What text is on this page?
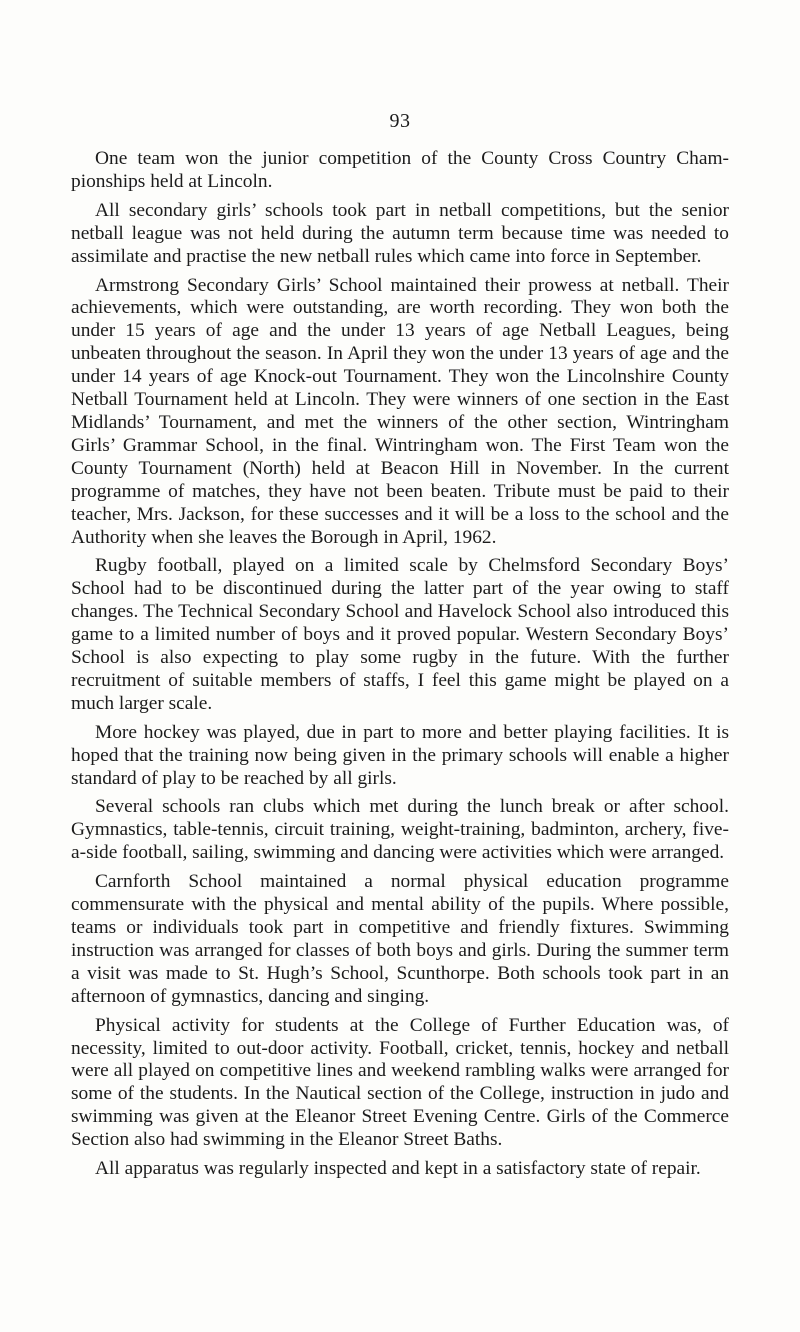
93

One team won the junior competition of the County Cross Country Championships held at Lincoln.

All secondary girls’ schools took part in netball competitions, but the senior netball league was not held during the autumn term because time was needed to assimilate and practise the new netball rules which came into force in September.

Armstrong Secondary Girls’ School maintained their prowess at netball. Their achievements, which were outstanding, are worth recording. They won both the under 15 years of age and the under 13 years of age Netball Leagues, being unbeaten throughout the season. In April they won the under 13 years of age and the under 14 years of age Knock-out Tournament. They won the Lincolnshire County Netball Tournament held at Lincoln. They were winners of one section in the East Midlands’ Tournament, and met the winners of the other section, Wintringham Girls’ Grammar School, in the final. Wintringham won. The First Team won the County Tournament (North) held at Beacon Hill in November. In the current programme of matches, they have not been beaten. Tribute must be paid to their teacher, Mrs. Jackson, for these successes and it will be a loss to the school and the Authority when she leaves the Borough in April, 1962.

Rugby football, played on a limited scale by Chelmsford Secondary Boys’ School had to be discontinued during the latter part of the year owing to staff changes. The Technical Secondary School and Havelock School also introduced this game to a limited number of boys and it proved popular. Western Secondary Boys’ School is also expecting to play some rugby in the future. With the further recruitment of suitable members of staffs, I feel this game might be played on a much larger scale.

More hockey was played, due in part to more and better playing facilities. It is hoped that the training now being given in the primary schools will enable a higher standard of play to be reached by all girls.

Several schools ran clubs which met during the lunch break or after school. Gymnastics, table-tennis, circuit training, weight-training, badminton, archery, five-a-side football, sailing, swimming and dancing were activities which were arranged.

Carnforth School maintained a normal physical education programme commensurate with the physical and mental ability of the pupils. Where possible, teams or individuals took part in competitive and friendly fixtures. Swimming instruction was arranged for classes of both boys and girls. During the summer term a visit was made to St. Hugh’s School, Scunthorpe. Both schools took part in an afternoon of gymnastics, dancing and singing.

Physical activity for students at the College of Further Education was, of necessity, limited to out-door activity. Football, cricket, tennis, hockey and netball were all played on competitive lines and weekend rambling walks were arranged for some of the students. In the Nautical section of the College, instruction in judo and swimming was given at the Eleanor Street Evening Centre. Girls of the Commerce Section also had swimming in the Eleanor Street Baths.

All apparatus was regularly inspected and kept in a satisfactory state of repair.
